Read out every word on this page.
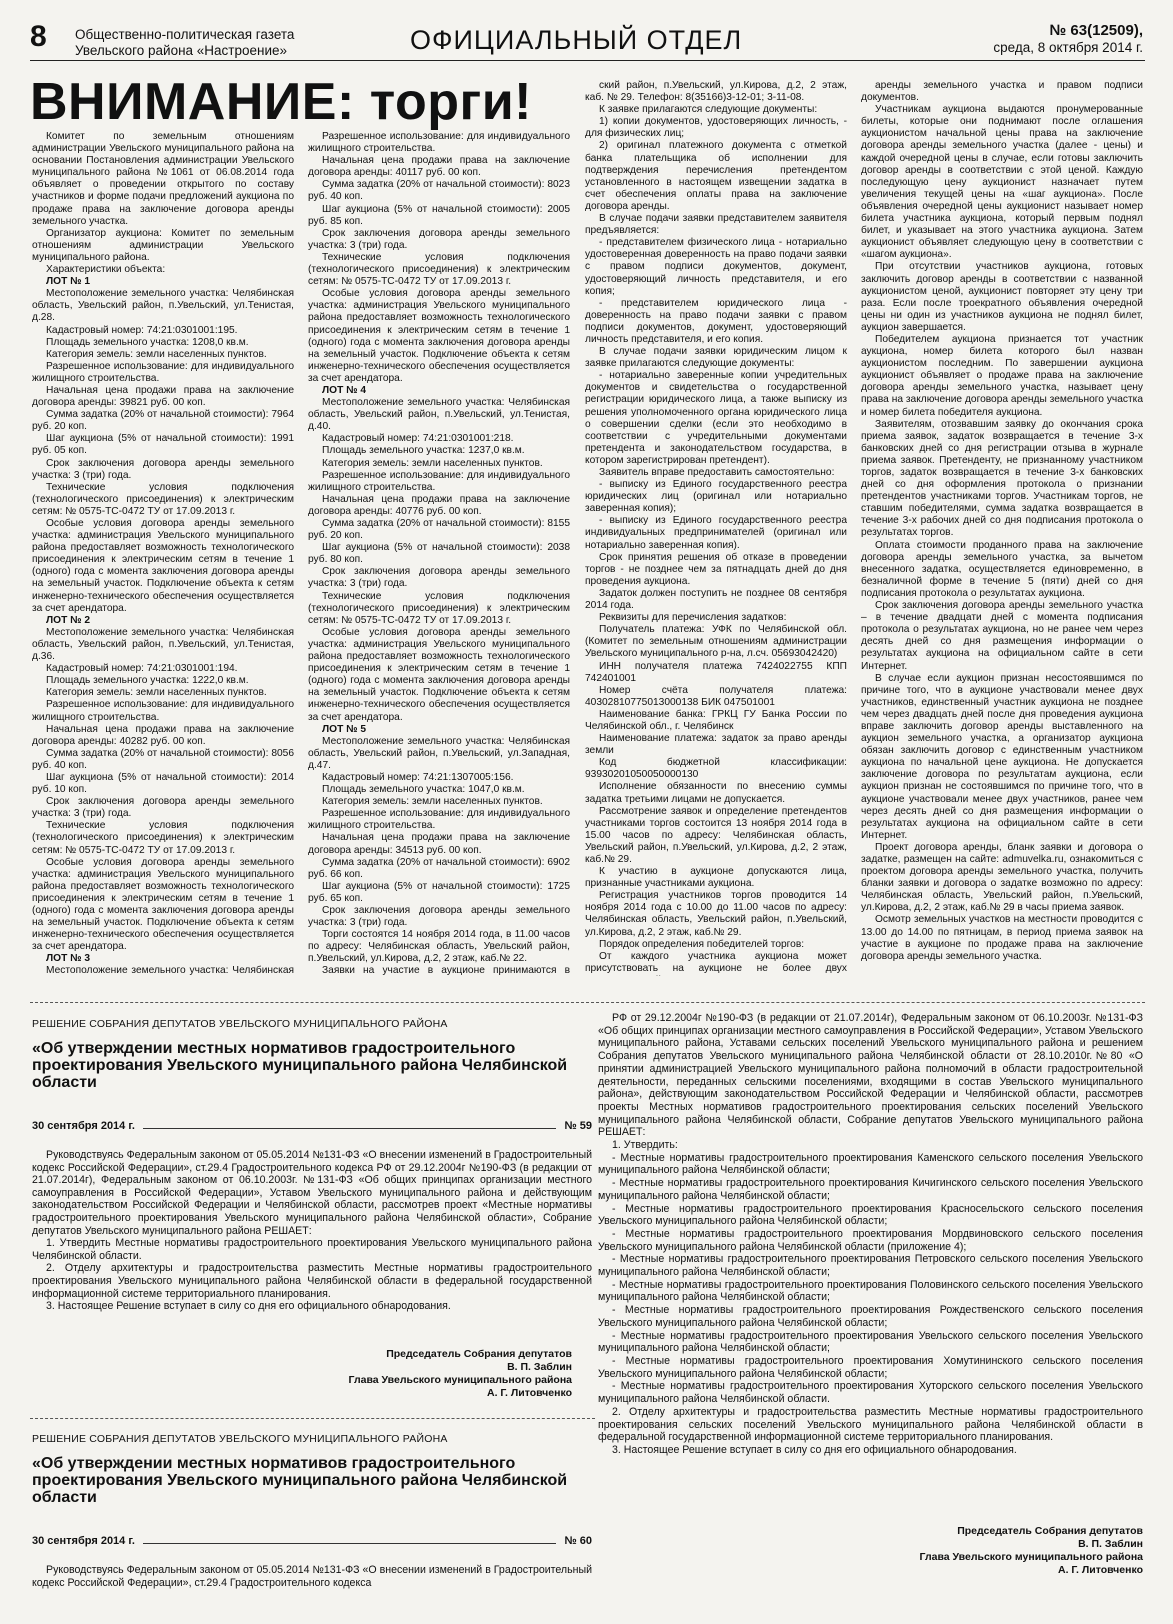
8 Общественно-политическая газета
Увельского района «Настроение»	ОФИЦИАЛЬНЫЙ ОТДЕЛ	№ 63(12509),
среда, 8 октября 2014 г.
ВНИМАНИЕ: торги!

Комитет по земельным отношениям администрации Увельского муниципального района на основании Постановления администрации Увельского муниципального района №1061 от 06.08.2014 года объявляет о проведении открытого по составу участников и форме подачи предложений аукциона по продаже права на заключение договора аренды земельного участка.

Организатор аукциона: Комитет по земельным отношениям администрации Увельского муниципального района.

Характеристики объекта:

ЛОТ № 1

Местоположение земельного участка: Челябинская область, Увельский район, п.Увельский, ул.Тенистая, д.28.

Кадастровый номер: 74:21:0301001:195.

Площадь земельного участка: 1208,0 кв.м.

Категория земель: земли населенных пунктов.

Разрешенное использование: для индивидуального жилищного строительства.

Начальная цена продажи права на заключение договора аренды: 39821 руб. 00 коп.

Сумма задатка (20% от начальной стоимости): 7964 руб. 20 коп.

Шаг аукциона (5% от начальной стоимости): 1991 руб. 05 коп.

Срок заключения договора аренды земельного участка: 3 (три) года.

Технические условия подключения (технологического присоединения) к электрическим сетям: № 0575-ТС-0472 ТУ от 17.09.2013 г.

Особые условия договора аренды земельного участка: администрация Увельского муниципального района предоставляет возможность технологического присоединения к электрическим сетям в течение 1 (одного) года с момента заключения договора аренды на земельный участок. Подключение объекта к сетям инженерно-технического обеспечения осуществляется за счет арендатора.

ЛОТ № 2

Местоположение земельного участка: Челябинская область, Увельский район, п.Увельский, ул.Тенистая, д.36.

Кадастровый номер: 74:21:0301001:194.

Площадь земельного участка: 1222,0 кв.м.

Категория земель: земли населенных пунктов.

Разрешенное использование: для индивидуального жилищного строительства.

Начальная цена продажи права на заключение договора аренды: 40282 руб. 00 коп.

Сумма задатка (20% от начальной стоимости): 8056 руб. 40 коп.

Шаг аукциона (5% от начальной стоимости): 2014 руб. 10 коп.

Срок заключения договора аренды земельного участка: 3 (три) года.

Технические условия подключения (технологического присоединения) к электрическим сетям: № 0575-ТС-0472 ТУ от 17.09.2013 г.

Особые условия договора аренды земельного участка: администрация Увельского муниципального района предоставляет возможность технологического присоединения к электрическим сетям в течение 1 (одного) года с момента заключения договора аренды на земельный участок. Подключение объекта к сетям инженерно-технического обеспечения осуществляется за счет арендатора.

ЛОТ № 3

Местоположение земельного участка: Челябинская

Разрешенное использование: для индивидуального жилищного строительства.

Начальная цена продажи права на заключение договора аренды: 40117 руб. 00 коп.

Сумма задатка (20% от начальной стоимости): 8023 руб. 40 коп.

Шаг аукциона (5% от начальной стоимости): 2005 руб. 85 коп.

Срок заключения договора аренды земельного участка: 3 (три) года.

Технические условия подключения (технологического присоединения) к электрическим сетям: № 0575-ТС-0472 ТУ от 17.09.2013 г.

Особые условия договора аренды земельного участка: администрация Увельского муниципального района предоставляет возможность технологического присоединения к электрическим сетям в течение 1 (одного) года с момента заключения договора аренды на земельный участок. Подключение объекта к сетям инженерно-технического обеспечения осуществляется за счет арендатора.

ЛОТ № 4

Местоположение земельного участка: Челябинская область, Увельский район, п.Увельский, ул.Тенистая, д.40.

Кадастровый номер: 74:21:0301001:218.

Площадь земельного участка: 1237,0 кв.м.

Категория земель: земли населенных пунктов.

Разрешенное использование: для индивидуального жилищного строительства.

Начальная цена продажи права на заключение договора аренды: 40776 руб. 00 коп.

Сумма задатка (20% от начальной стоимости): 8155 руб. 20 коп.

Шаг аукциона (5% от начальной стоимости): 2038 руб. 80 коп.

Срок заключения договора аренды земельного участка: 3 (три) года.

Технические условия подключения (технологического присоединения) к электрическим сетям: № 0575-ТС-0472 ТУ от 17.09.2013 г.

Особые условия договора аренды земельного участка: администрация Увельского муниципального района предоставляет возможность технологического присоединения к электрическим сетям в течение 1 (одного) года с момента заключения договора аренды на земельный участок. Подключение объекта к сетям инженерно-технического обеспечения осуществляется за счет арендатора.

ЛОТ № 5

Местоположение земельного участка: Челябинская область, Увельский район, п.Увельский, ул.Западная, д.47.

Кадастровый номер: 74:21:1307005:156.

Площадь земельного участка: 1047,0 кв.м.

Категория земель: земли населенных пунктов.

Разрешенное использование: для индивидуального жилищного строительства.

Начальная цена продажи права на заключение договора аренды: 34513 руб. 00 коп.

Сумма задатка (20% от начальной стоимости): 6902 руб. 66 коп.

Шаг аукциона (5% от начальной стоимости): 1725 руб. 65 коп.

Срок заключения договора аренды земельного участка: 3 (три) года.

Торги состоятся 14 ноября 2014 года, в 11.00 часов по адресу: Челябинская область, Увельский район, п.Увельский, ул.Кирова, д.2, 2 этаж, каб.№ 22.

Заявки на участие в аукционе принимаются в

ский район, п.Увельский, ул.Кирова, д.2, 2 этаж, каб. № 29. Телефон: 8(35166)3-12-01; 3-11-08.

К заявке прилагаются следующие документы:

1) копии документов, удостоверяющих личность, - для физических лиц;

2) оригинал платежного документа с отметкой банка плательщика об исполнении для подтверждения перечисления претендентом установленного в настоящем извещении задатка в счет обеспечения оплаты права на заключение договора аренды.

В случае подачи заявки представителем заявителя предъявляется:

- представителем физического лица - нотариально удостоверенная доверенность на право подачи заявки с правом подписи документов, документ, удостоверяющий личность представителя, и его копия;

- представителем юридического лица - доверенность на право подачи заявки с правом подписи документов, документ, удостоверяющий личность представителя, и его копия.

В случае подачи заявки юридическим лицом к заявке прилагаются следующие документы:

- нотариально заверенные копии учредительных документов и свидетельства о государственной регистрации юридического лица, а также выписку из решения уполномоченного органа юридического лица о совершении сделки (если это необходимо в соответствии с учредительными документами претендента и законодательством государства, в котором зарегистрирован претендент).

Заявитель вправе предоставить самостоятельно:

- выписку из Единого государственного реестра юридических лиц (оригинал или нотариально заверенная копия);

- выписку из Единого государственного реестра индивидуальных предпринимателей (оригинал или нотариально заверенная копия).

Срок принятия решения об отказе в проведении торгов - не позднее чем за пятнадцать дней до дня проведения аукциона.

Задаток должен поступить не позднее 08 сентября 2014 года.

Реквизиты для перечисления задатков:

Получатель платежа: УФК по Челябинской обл. (Комитет по земельным отношениям администрации Увельского муниципального р-на, л.сч. 05693042420)

ИНН получателя платежа 7424022755 КПП 742401001

Номер счёта получателя платежа: 40302810775013000138 БИК 047501001

Наименование банка: ГРКЦ ГУ Банка России по Челябинской обл., г. Челябинск

Наименование платежа: задаток за право аренды земли

Код бюджетной классификации: 93930201050050000130

Исполнение обязанности по внесению суммы задатка третьими лицами не допускается.

Рассмотрение заявок и определение претендентов участниками торгов состоится 13 ноября 2014 года в 15.00 часов по адресу: Челябинская область, Увельский район, п.Увельский, ул.Кирова, д.2, 2 этаж, каб.№ 29.

К участию в аукционе допускаются лица, признанные участниками аукциона.

Регистрация участников торгов проводится 14 ноября 2014 года с 10.00 до 11.00 часов по адресу: Челябинская область, Увельский район, п.Увельский, ул.Кирова, д.2, 2 этаж, каб.№ 29.

Порядок определения победителей торгов:

От каждого участника аукциона может присутствовать на аукционе не более двух

аренды земельного участка и правом подписи документов.

Участникам аукциона выдаются пронумерованные билеты, которые они поднимают после оглашения аукционистом начальной цены права на заключение договора аренды земельного участка (далее - цены) и каждой очередной цены в случае, если готовы заключить договор аренды в соответствии с этой ценой. Каждую последующую цену аукционист назначает путем увеличения текущей цены на «шаг аукциона». После объявления очередной цены аукционист называет номер билета участника аукциона, который первым поднял билет, и указывает на этого участника аукциона. Затем аукционист объявляет следующую цену в соответствии с «шагом аукциона».

При отсутствии участников аукциона, готовых заключить договор аренды в соответствии с названной аукционистом ценой, аукционист повторяет эту цену три раза. Если после троекратного объявления очередной цены ни один из участников аукциона не поднял билет, аукцион завершается.

Победителем аукциона признается тот участник аукциона, номер билета которого был назван аукционистом последним. По завершении аукциона аукционист объявляет о продаже права на заключение договора аренды земельного участка, называет цену права на заключение договора аренды земельного участка и номер билета победителя аукциона.

Заявителям, отозвавшим заявку до окончания срока приема заявок, задаток возвращается в течение 3-х банковских дней со дня регистрации отзыва в журнале приема заявок. Претенденту, не признанному участником торгов, задаток возвращается в течение 3-х банковских дней со дня оформления протокола о признании претендентов участниками торгов. Участникам торгов, не ставшим победителями, сумма задатка возвращается в течение 3-х рабочих дней со дня подписания протокола о результатах торгов.

Оплата стоимости проданного права на заключение договора аренды земельного участка, за вычетом внесенного задатка, осуществляется единовременно, в безналичной форме в течение 5 (пяти) дней со дня подписания протокола о результатах аукциона.

Срок заключения договора аренды земельного участка – в течение двадцати дней с момента подписания протокола о результатах аукциона, но не ранее чем через десять дней со дня размещения информации о результатах аукциона на официальном сайте в сети Интернет.

В случае если аукцион признан несостоявшимся по причине того, что в аукционе участвовали менее двух участников, единственный участник аукциона не позднее чем через двадцать дней после дня проведения аукциона вправе заключить договор аренды выставленного на аукцион земельного участка, а организатор аукциона обязан заключить договор с единственным участником аукциона по начальной цене аукциона. Не допускается заключение договора по результатам аукциона, если аукцион признан не состоявшимся по причине того, что в аукционе участвовали менее двух участников, ранее чем через десять дней со дня размещения информации о результатах аукциона на официальном сайте в сети Интернет.

Проект договора аренды, бланк заявки и договора о задатке, размещен на сайте: admuvelka.ru, ознакомиться с проектом договора аренды земельного участка, получить бланки заявки и договора о задатке возможно по адресу: Челябинская область, Увельский район, п.Увельский, ул.Кирова, д.2, 2 этаж, каб.№ 29 в часы приема заявок.

Осмотр земельных участков на местности проводится с 13.00 до 14.00 по пятницам, в период приема заявок на участие в аукционе по продаже права на заключение договора аренды земельного участка.

РЕШЕНИЕ СОБРАНИЯ ДЕПУТАТОВ УВЕЛЬСКОГО МУНИЦИПАЛЬНОГО РАЙОНА
«Об утверждении местных нормативов градостроительного проектирования Увельского муниципального района Челябинской области
30 сентября 2014 г.	№ 59

Руководствуясь Федеральным законом от 05.05.2014 №131-ФЗ «О внесении изменений в Градостроительный кодекс Российской Федерации», ст.29.4 Градостроительного кодекса РФ от 29.12.2004г №190-ФЗ (в редакции от 21.07.2014г), Федеральным законом от 06.10.2003г. №131-ФЗ «Об общих принципах организации местного самоуправления в Российской Федерации», Уставом Увельского муниципального района и действующим законодательством Российской Федерации и Челябинской области, рассмотрев проект «Местные нормативы градостроительного проектирования Увельского муниципального района Челябинской области», Собрание депутатов Увельского муниципального района РЕШАЕТ:

1. Утвердить Местные нормативы градостроительного проектирования Увельского муниципального района Челябинской области.

2. Отделу архитектуры и градостроительства разместить Местные нормативы градостроительного проектирования Увельского муниципального района Челябинской области в федеральной государственной информационной системе территориального планирования.

3. Настоящее Решение вступает в силу со дня его официального обнародования.

Председатель Собрания депутатов
В. П. Заблин
Глава Увельского муниципального района
А. Г. Литовченко
РЕШЕНИЕ СОБРАНИЯ ДЕПУТАТОВ УВЕЛЬСКОГО МУНИЦИПАЛЬНОГО РАЙОНА
«Об утверждении местных нормативов градостроительного проектирования Увельского муниципального района Челябинской области
30 сентября 2014 г.	№ 60

Руководствуясь Федеральным законом от 05.05.2014 №131-ФЗ «О внесении изменений в Градостроительный кодекс Российской Федерации», ст.29.4 Градостроительного кодекса

РФ от 29.12.2004г №190-ФЗ (в редакции от 21.07.2014г), Федеральным законом от 06.10.2003г. №131-ФЗ «Об общих принципах организации местного самоуправления в Российской Федерации», Уставом Увельского муниципального района, Уставами сельских поселений Увельского муниципального района и решением Собрания депутатов Увельского муниципального района Челябинской области от 28.10.2010г.№80 «О принятии администрацией Увельского муниципального района полномочий в области градостроительной деятельности, переданных сельскими поселениями, входящими в состав Увельского муниципального района», действующим законодательством Российской Федерации и Челябинской области, рассмотрев проекты Местных нормативов градостроительного проектирования сельских поселений Увельского муниципального района Челябинской области, Собрание депутатов Увельского муниципального района РЕШАЕТ:

1. Утвердить:

- Местные нормативы градостроительного проектирования Каменского сельского поселения Увельского муниципального района Челябинской области;

- Местные нормативы градостроительного проектирования Кичигинского сельского поселения Увельского муниципального района Челябинской области;

- Местные нормативы градостроительного проектирования Красносельского сельского поселения Увельского муниципального района Челябинской области;

- Местные нормативы градостроительного проектирования Мордвиновского сельского поселения Увельского муниципального района Челябинской области (приложение 4);

- Местные нормативы градостроительного проектирования Петровского сельского поселения Увельского муниципального района Челябинской области;

- Местные нормативы градостроительного проектирования Половинского сельского поселения Увельского муниципального района Челябинской области;

- Местные нормативы градостроительного проектирования Рождественского сельского поселения Увельского муниципального района Челябинской области;

- Местные нормативы градостроительного проектирования Увельского сельского поселения Увельского муниципального района Челябинской области;

- Местные нормативы градостроительного проектирования Хомутининского сельского поселения Увельского муниципального района Челябинской области;

- Местные нормативы градостроительного проектирования Хуторского сельского поселения Увельского муниципального района Челябинской области.

2. Отделу архитектуры и градостроительства разместить Местные нормативы градостроительного проектирования сельских поселений Увельского муниципального района Челябинской области в федеральной государственной информационной системе территориального планирования.

3. Настоящее Решение вступает в силу со дня его официального обнародования.

Председатель Собрания депутатов
В. П. Заблин
Глава Увельского муниципального района
А. Г. Литовченко
